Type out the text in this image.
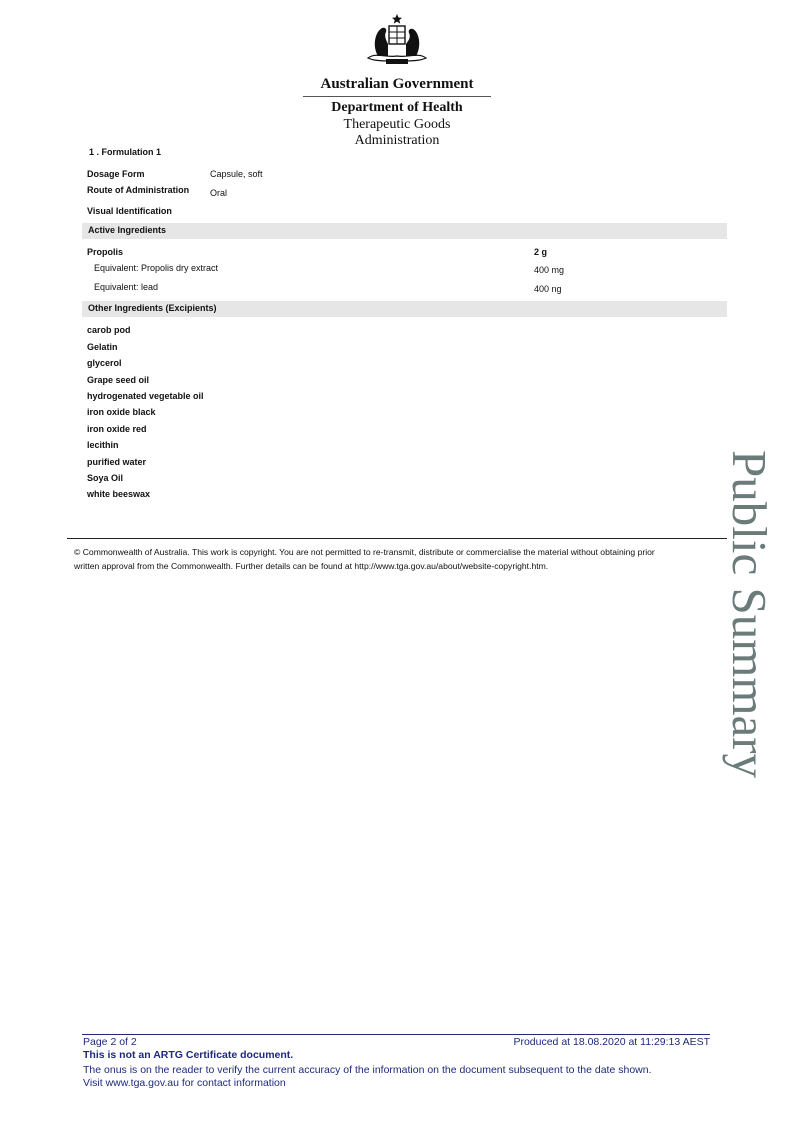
Australian Government
Department of Health
Therapeutic Goods Administration
1 . Formulation 1
Dosage Form	Capsule, soft
Route of Administration Oral
Visual Identification
Active Ingredients
Propolis	2 g
Equivalent: Propolis dry extract	400 mg
Equivalent: lead	400 ng
Other Ingredients (Excipients)
carob pod
Gelatin
glycerol
Grape seed oil
hydrogenated vegetable oil
iron oxide black
iron oxide red
lecithin
purified water
Soya Oil
white beeswax
© Commonwealth of Australia. This work is copyright. You are not permitted to re-transmit, distribute or commercialise the material without obtaining prior
written approval from the Commonwealth. Further details can be found at http://www.tga.gov.au/about/website-copyright.htm.	Public Summary
Page 2 of 2	Produced at 18.08.2020 at 11:29:13 AEST
This is not an ARTG Certificate document.
The onus is on the reader to verify the current accuracy of the information on the document subsequent to the date shown.
Visit www.tga.gov.au for contact information
